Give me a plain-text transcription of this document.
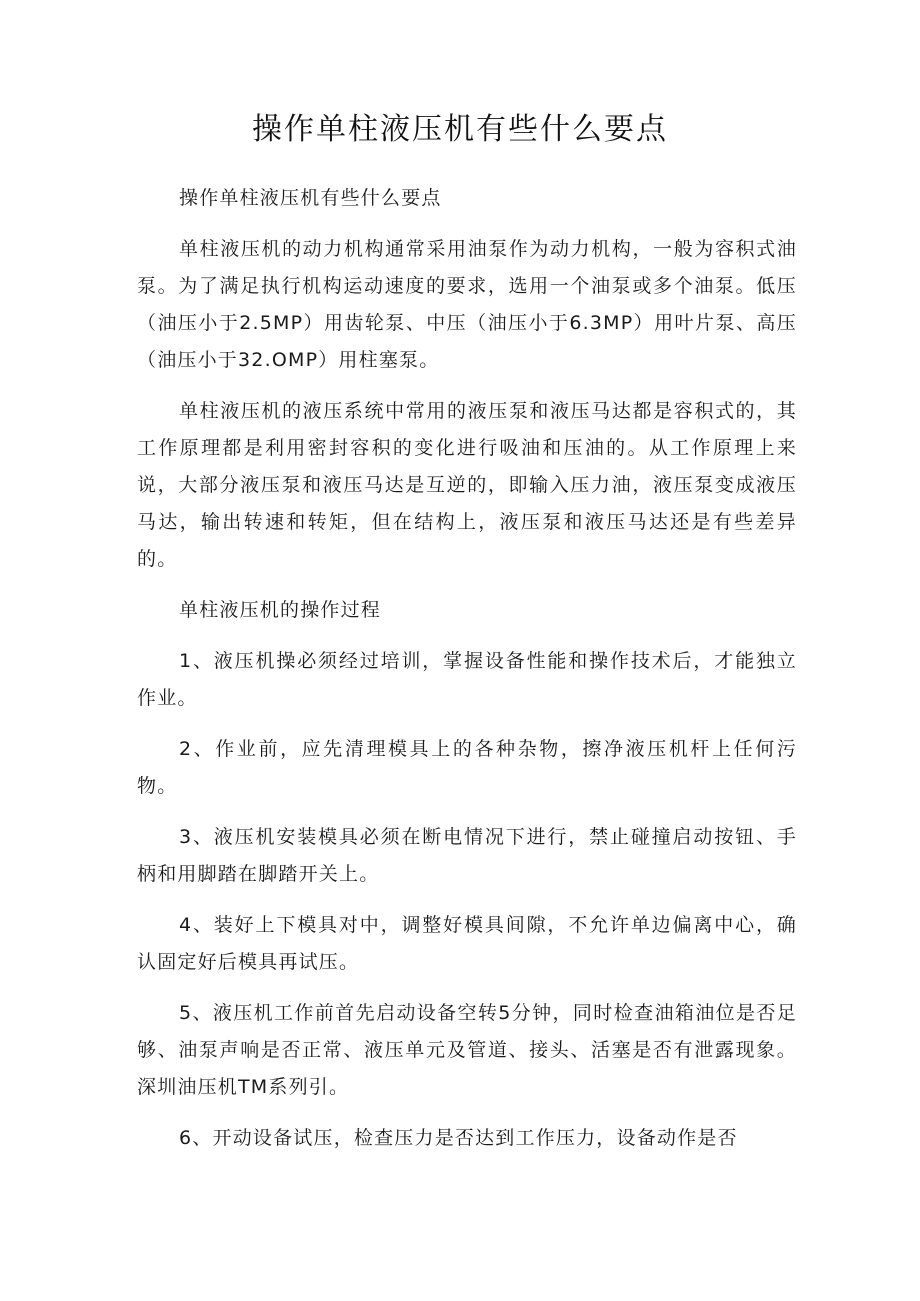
操作单柱液压机有些什么要点

操作单柱液压机有些什么要点

单柱液压机的动力机构通常采用油泵作为动力机构，一般为容积式油泵。为了满足执行机构运动速度的要求，选用一个油泵或多个油泵。低压（油压小于2.5MP）用齿轮泵、中压（油压小于6.3MP）用叶片泵、高压（油压小于32.OMP）用柱塞泵。

单柱液压机的液压系统中常用的液压泵和液压马达都是容积式的，其工作原理都是利用密封容积的变化进行吸油和压油的。从工作原理上来说，大部分液压泵和液压马达是互逆的，即输入压力油，液压泵变成液压马达，输出转速和转矩，但在结构上，液压泵和液压马达还是有些差异的。

单柱液压机的操作过程

1、液压机操必须经过培训，掌握设备性能和操作技术后，才能独立作业。

2、作业前，应先清理模具上的各种杂物，擦净液压机杆上任何污物。

3、液压机安装模具必须在断电情况下进行，禁止碰撞启动按钮、手柄和用脚踏在脚踏开关上。

4、装好上下模具对中，调整好模具间隙，不允许单边偏离中心，确认固定好后模具再试压。

5、液压机工作前首先启动设备空转5分钟，同时检查油箱油位是否足够、油泵声响是否正常、液压单元及管道、接头、活塞是否有泄露现象。深圳油压机TM系列引。

6、开动设备试压，检查压力是否达到工作压力，设备动作是否
